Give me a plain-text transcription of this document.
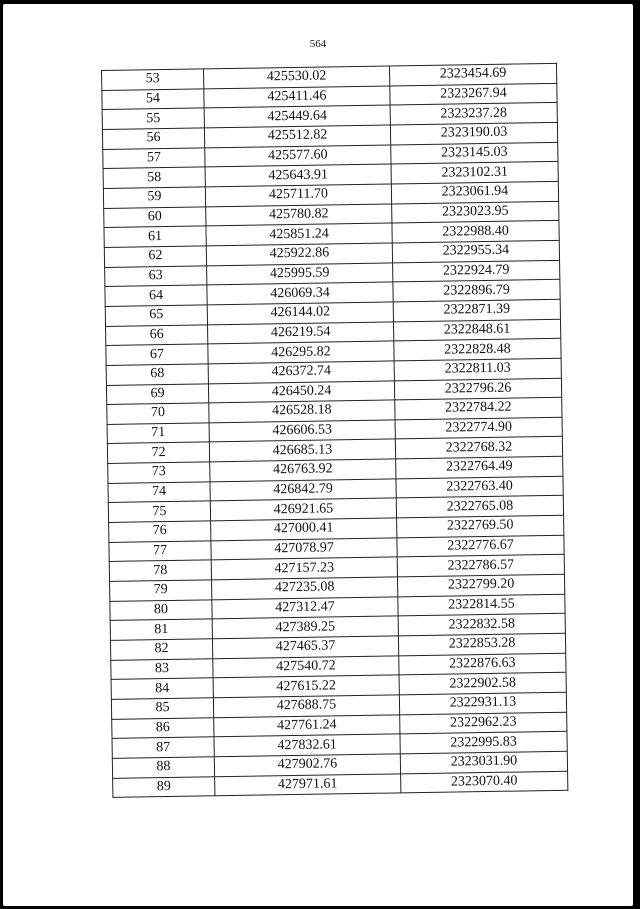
564
53	425530.02	2323454.69
54	425411.46	2323267.94
55	425449.64	2323237.28
56	425512.82	2323190.03
57	425577.60	2323145.03
58	425643.91	2323102.31
59	425711.70	2323061.94
60	425780.82	2323023.95
61	425851.24	2322988.40
62	425922.86	2322955.34
63	425995.59	2322924.79
64	426069.34	2322896.79
65	426144.02	2322871.39
66	426219.54	2322848.61
67	426295.82	2322828.48
68	426372.74	2322811.03
69	426450.24	2322796.26
70	426528.18	2322784.22
71	426606.53	2322774.90
72	426685.13	2322768.32
73	426763.92	2322764.49
74	426842.79	2322763.40
75	426921.65	2322765.08
76	427000.41	2322769.50
77	427078.97	2322776.67
78	427157.23	2322786.57
79	427235.08	2322799.20
80	427312.47	2322814.55
81	427389.25	2322832.58
82	427465.37	2322853.28
83	427540.72	2322876.63
84	427615.22	2322902.58
85	427688.75	2322931.13
86	427761.24	2322962.23
87	427832.61	2322995.83
88	427902.76	2323031.90
89	427971.61	2323070.40
